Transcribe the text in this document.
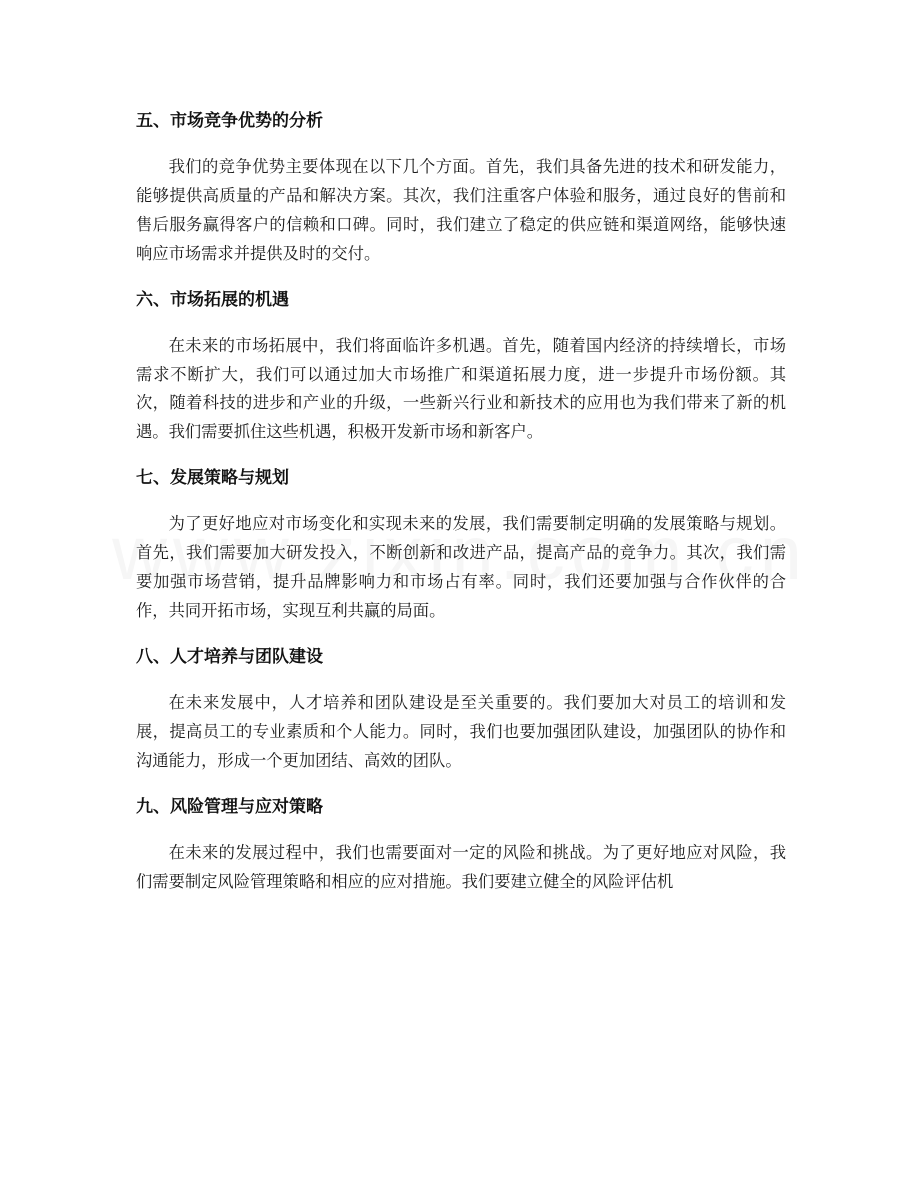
五、市场竞争优势的分析

我们的竞争优势主要体现在以下几个方面。首先，我们具备先进的技术和研发能力，能够提供高质量的产品和解决方案。其次，我们注重客户体验和服务，通过良好的售前和售后服务赢得客户的信赖和口碑。同时，我们建立了稳定的供应链和渠道网络，能够快速响应市场需求并提供及时的交付。

六、市场拓展的机遇

在未来的市场拓展中，我们将面临许多机遇。首先，随着国内经济的持续增长，市场需求不断扩大，我们可以通过加大市场推广和渠道拓展力度，进一步提升市场份额。其次，随着科技的进步和产业的升级，一些新兴行业和新技术的应用也为我们带来了新的机遇。我们需要抓住这些机遇，积极开发新市场和新客户。

七、发展策略与规划

为了更好地应对市场变化和实现未来的发展，我们需要制定明确的发展策略与规划。首先，我们需要加大研发投入，不断创新和改进产品，提高产品的竞争力。其次，我们需要加强市场营销，提升品牌影响力和市场占有率。同时，我们还要加强与合作伙伴的合作，共同开拓市场，实现互利共赢的局面。

八、人才培养与团队建设

在未来发展中，人才培养和团队建设是至关重要的。我们要加大对员工的培训和发展，提高员工的专业素质和个人能力。同时，我们也要加强团队建设，加强团队的协作和沟通能力，形成一个更加团结、高效的团队。

九、风险管理与应对策略

在未来的发展过程中，我们也需要面对一定的风险和挑战。为了更好地应对风险，我们需要制定风险管理策略和相应的应对措施。我们要建立健全的风险评估机
